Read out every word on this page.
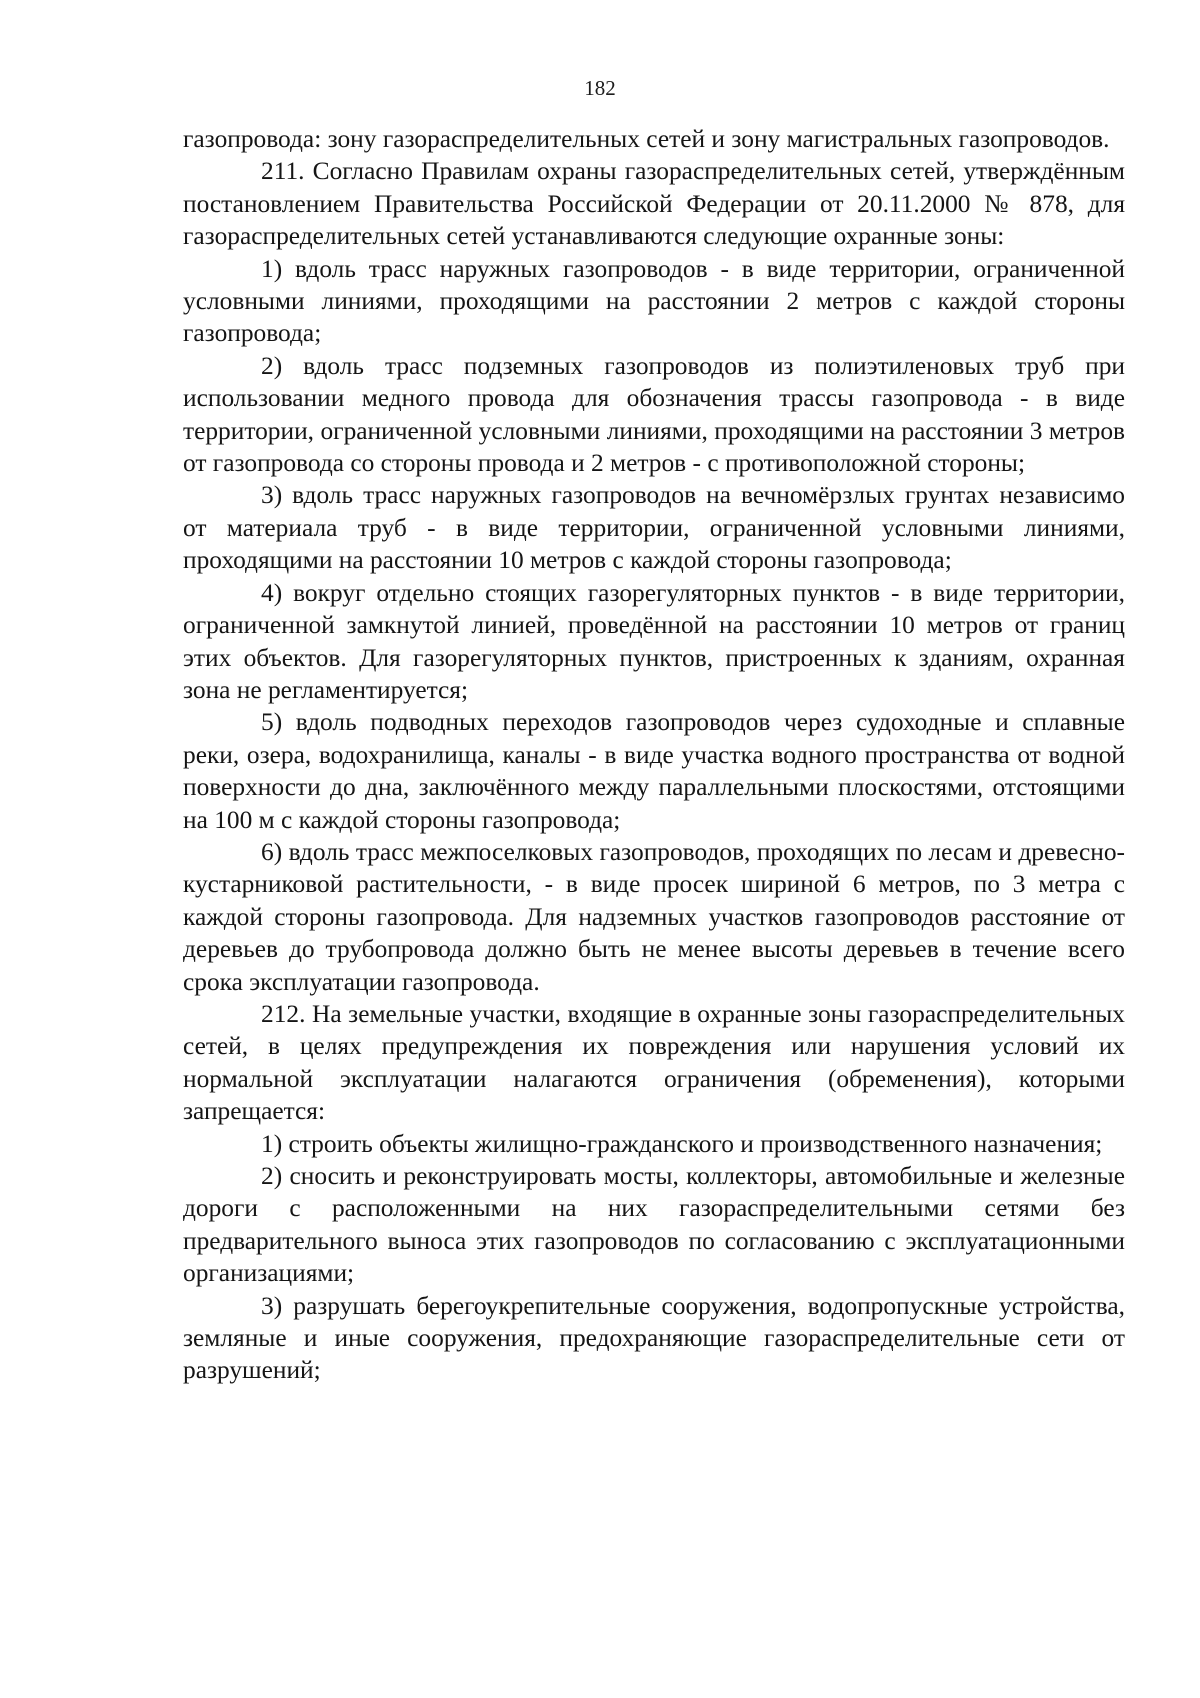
182

газопровода: зону газораспределительных сетей и зону магистральных газопроводов.

211. Согласно Правилам охраны газораспределительных сетей, утверждённым постановлением Правительства Российской Федерации от 20.11.2000 № 878, для газораспределительных сетей устанавливаются следующие охранные зоны:

1) вдоль трасс наружных газопроводов - в виде территории, ограниченной условными линиями, проходящими на расстоянии 2 метров с каждой стороны газопровода;

2) вдоль трасс подземных газопроводов из полиэтиленовых труб при использовании медного провода для обозначения трассы газопровода - в виде территории, ограниченной условными линиями, проходящими на расстоянии 3 метров от газопровода со стороны провода и 2 метров - с противоположной стороны;

3) вдоль трасс наружных газопроводов на вечномёрзлых грунтах независимо от материала труб - в виде территории, ограниченной условными линиями, проходящими на расстоянии 10 метров с каждой стороны газопровода;

4) вокруг отдельно стоящих газорегуляторных пунктов - в виде территории, ограниченной замкнутой линией, проведённой на расстоянии 10 метров от границ этих объектов. Для газорегуляторных пунктов, пристроенных к зданиям, охранная зона не регламентируется;

5) вдоль подводных переходов газопроводов через судоходные и сплавные реки, озера, водохранилища, каналы - в виде участка водного пространства от водной поверхности до дна, заключённого между параллельными плоскостями, отстоящими на 100 м с каждой стороны газопровода;

6) вдоль трасс межпоселковых газопроводов, проходящих по лесам и древесно-кустарниковой растительности, - в виде просек шириной 6 метров, по 3 метра с каждой стороны газопровода. Для надземных участков газопроводов расстояние от деревьев до трубопровода должно быть не менее высоты деревьев в течение всего срока эксплуатации газопровода.

212. На земельные участки, входящие в охранные зоны газораспределительных сетей, в целях предупреждения их повреждения или нарушения условий их нормальной эксплуатации налагаются ограничения (обременения), которыми запрещается:

1) строить объекты жилищно-гражданского и производственного назначения;

2) сносить и реконструировать мосты, коллекторы, автомобильные и железные дороги с расположенными на них газораспределительными сетями без предварительного выноса этих газопроводов по согласованию с эксплуатационными организациями;

3) разрушать берегоукрепительные сооружения, водопропускные устройства, земляные и иные сооружения, предохраняющие газораспределительные сети от разрушений;
